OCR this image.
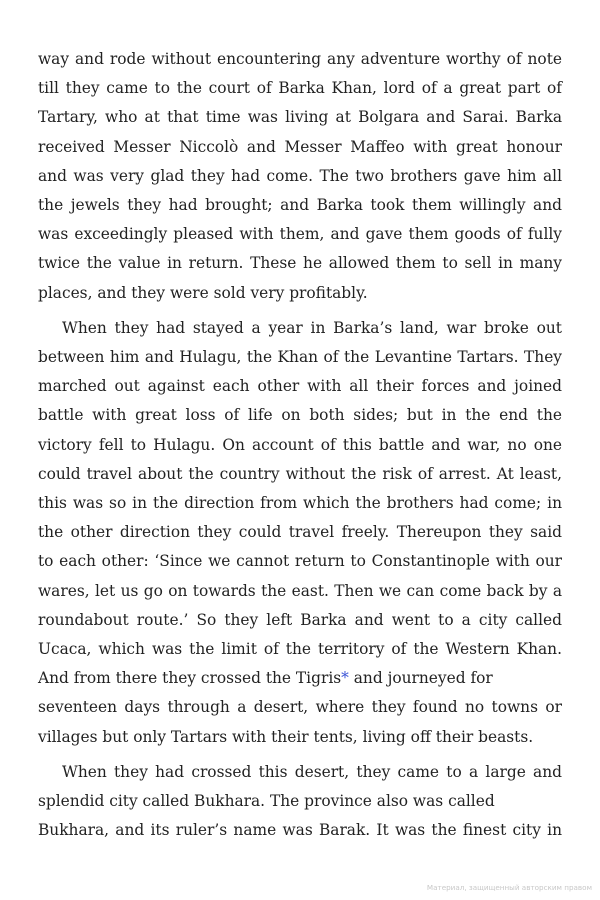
way and rode without encountering any adventure worthy of note
till they came to the court of Barka Khan, lord of a great part of
Tartary, who at that time was living at Bolgara and Sarai. Barka
received Messer Niccolò and Messer Maffeo with great honour
and was very glad they had come. The two brothers gave him all
the jewels they had brought; and Barka took them willingly and
was exceedingly pleased with them, and gave them goods of fully
twice the value in return. These he allowed them to sell in many
places, and they were sold very profitably.

When they had stayed a year in Barka’s land, war broke out
between him and Hulagu, the Khan of the Levantine Tartars. They
marched out against each other with all their forces and joined
battle with great loss of life on both sides; but in the end the
victory fell to Hulagu. On account of this battle and war, no one
could travel about the country without the risk of arrest. At least,
this was so in the direction from which the brothers had come; in
the other direction they could travel freely. Thereupon they said
to each other: ‘Since we cannot return to Constantinople with our
wares, let us go on towards the east. Then we can come back by a
roundabout route.’ So they left Barka and went to a city called
Ucaca, which was the limit of the territory of the Western Khan.
And from there they crossed the Tigris* and journeyed for
seventeen days through a desert, where they found no towns or
villages but only Tartars with their tents, living off their beasts.

When they had crossed this desert, they came to a large and
splendid city called Bukhara. The province also was called
Bukhara, and its ruler’s name was Barak. It was the finest city in

Материал, защищенный авторским правом
